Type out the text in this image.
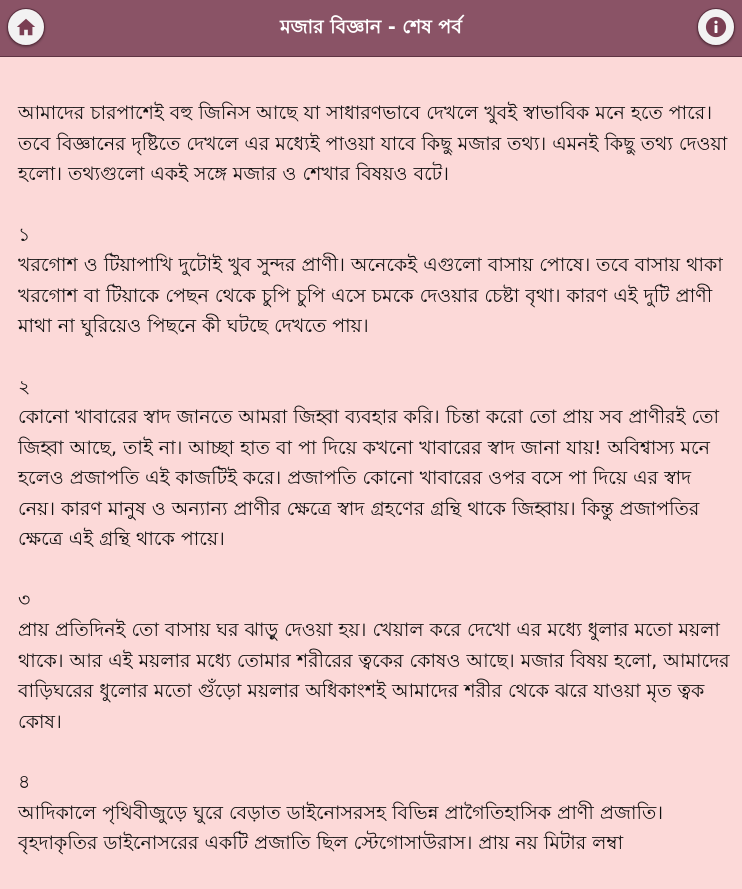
মজার বিজ্ঞান - শেষ পর্ব

আমাদের চারপাশেই বহু জিনিস আছে যা সাধারণভাবে দেখলে খুবই স্বাভাবিক মনে হতে পারে। তবে বিজ্ঞানের দৃষ্টিতে দেখলে এর মধ্যেই পাওয়া যাবে কিছু মজার তথ্য। এমনই কিছু তথ্য দেওয়া হলো। তথ্যগুলো একই সঙ্গে মজার ও শেখার বিষয়ও বটে।

১
খরগোশ ও টিয়াপাখি দুটোই খুব সুন্দর প্রাণী। অনেকেই এগুলো বাসায় পোষে। তবে বাসায় থাকা খরগোশ বা টিয়াকে পেছন থেকে চুপি চুপি এসে চমকে দেওয়ার চেষ্টা বৃথা। কারণ এই দুটি প্রাণী মাথা না ঘুরিয়েও পিছনে কী ঘটছে দেখতে পায়।
২
কোনো খাবারের স্বাদ জানতে আমরা জিহ্বা ব্যবহার করি। চিন্তা করো তো প্রায় সব প্রাণীরই তো জিহ্বা আছে, তাই না। আচ্ছা হাত বা পা দিয়ে কখনো খাবারের স্বাদ জানা যায়! অবিশ্বাস্য মনে হলেও প্রজাপতি এই কাজটিই করে। প্রজাপতি কোনো খাবারের ওপর বসে পা দিয়ে এর স্বাদ নেয়। কারণ মানুষ ও অন্যান্য প্রাণীর ক্ষেত্রে স্বাদ গ্রহণের গ্রন্থি থাকে জিহ্বায়। কিন্তু প্রজাপতির ক্ষেত্রে এই গ্রন্থি থাকে পায়ে।
৩
প্রায় প্রতিদিনই তো বাসায় ঘর ঝাড়ু দেওয়া হয়। খেয়াল করে দেখো এর মধ্যে ধুলার মতো ময়লা থাকে। আর এই ময়লার মধ্যে তোমার শরীরের ত্বকের কোষও আছে। মজার বিষয় হলো, আমাদের বাড়িঘরের ধুলোর মতো গুঁড়ো ময়লার অধিকাংশই আমাদের শরীর থেকে ঝরে যাওয়া মৃত ত্বক কোষ।
৪
আদিকালে পৃথিবীজুড়ে ঘুরে বেড়াত ডাইনোসরসহ বিভিন্ন প্রাগৈতিহাসিক প্রাণী প্রজাতি। বৃহদাকৃতির ডাইনোসরের একটি প্রজাতি ছিল স্টেগোসাউরাস। প্রায় নয় মিটার লম্বা
